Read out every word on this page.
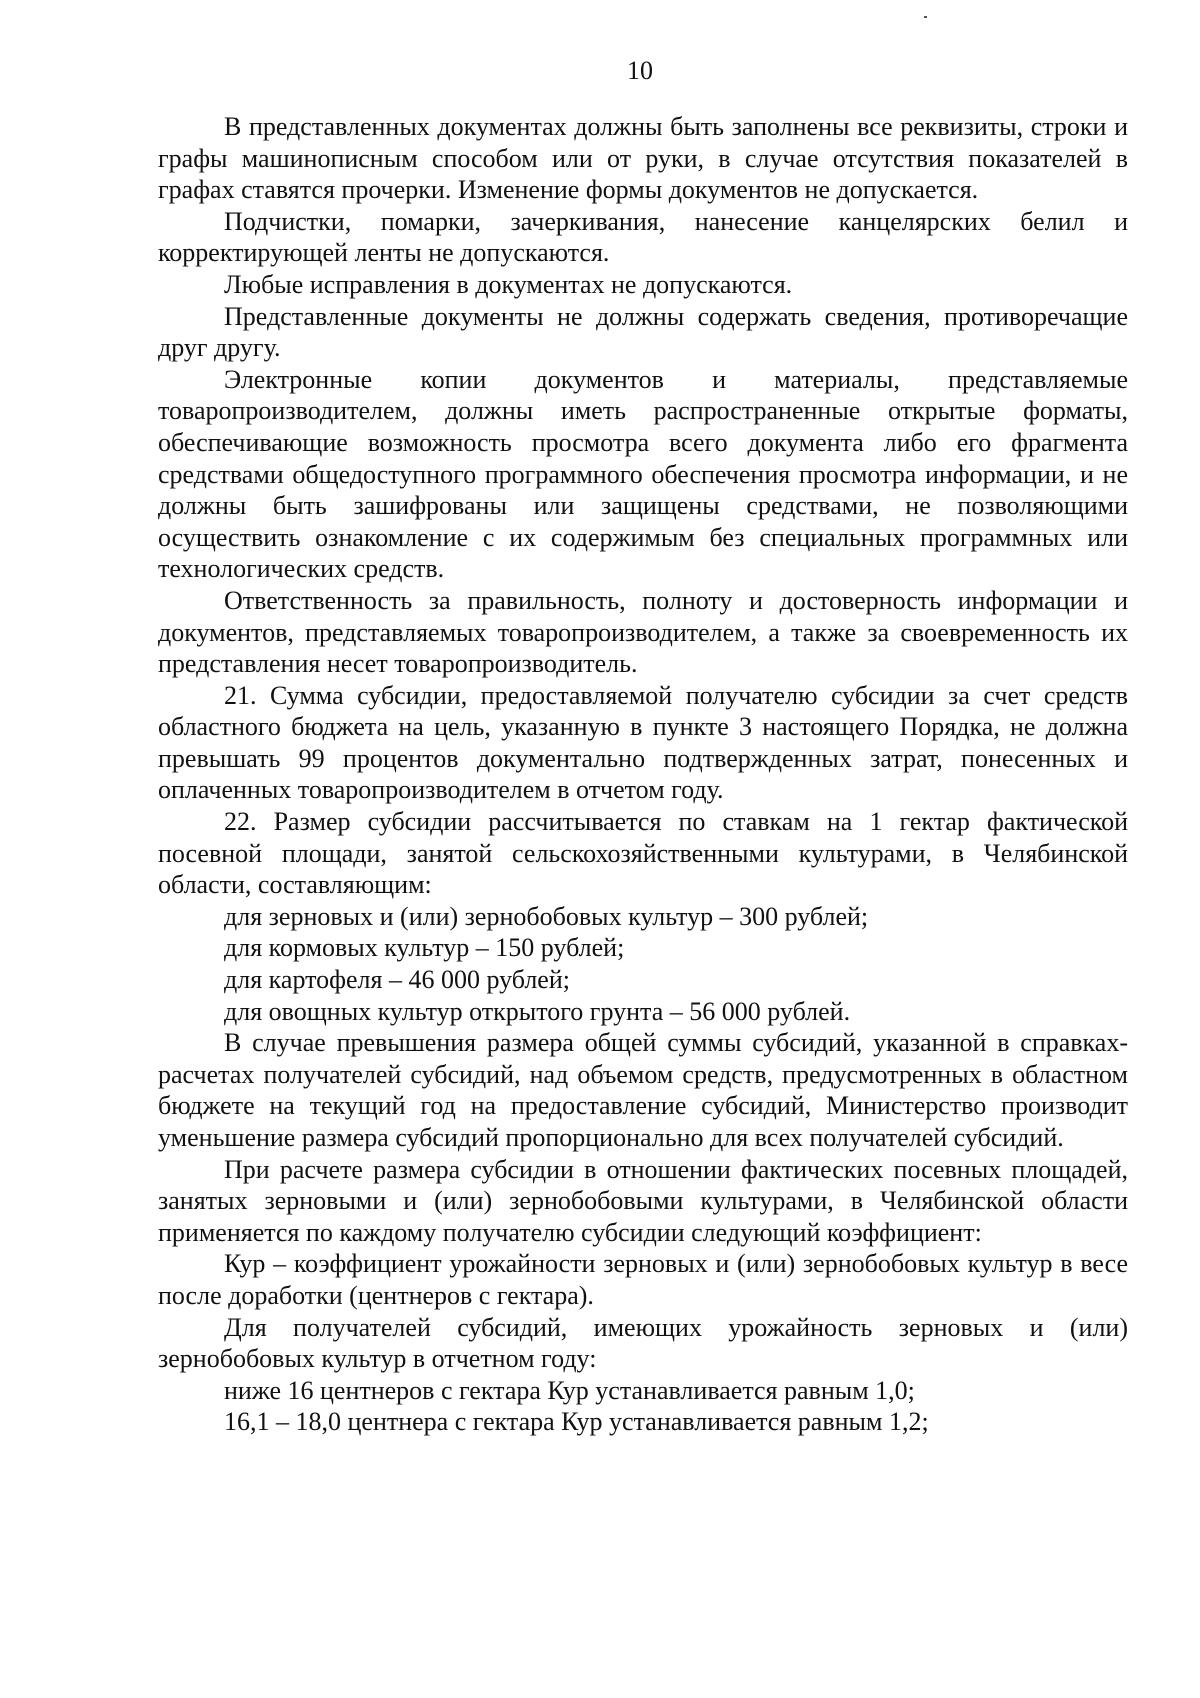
10

В представленных документах должны быть заполнены все реквизиты, строки и графы машинописным способом или от руки, в случае отсутствия показателей в графах ставятся прочерки. Изменение формы документов не допускается.

Подчистки, помарки, зачеркивания, нанесение канцелярских белил и корректирующей ленты не допускаются.

Любые исправления в документах не допускаются.

Представленные документы не должны содержать сведения, противоречащие друг другу.

Электронные копии документов и материалы, представляемые товаропроизводителем, должны иметь распространенные открытые форматы, обеспечивающие возможность просмотра всего документа либо его фрагмента средствами общедоступного программного обеспечения просмотра информации, и не должны быть зашифрованы или защищены средствами, не позволяющими осуществить ознакомление с их содержимым без специальных программных или технологических средств.

Ответственность за правильность, полноту и достоверность информации и документов, представляемых товаропроизводителем, а также за своевременность их представления несет товаропроизводитель.

21. Сумма субсидии, предоставляемой получателю субсидии за счет средств областного бюджета на цель, указанную в пункте 3 настоящего Порядка, не должна превышать 99 процентов документально подтвержденных затрат, понесенных и оплаченных товаропроизводителем в отчетом году.

22. Размер субсидии рассчитывается по ставкам на 1 гектар фактической посевной площади, занятой сельскохозяйственными культурами, в Челябинской области, составляющим:

для зерновых и (или) зернобобовых культур – 300 рублей;

для кормовых культур – 150 рублей;

для картофеля – 46 000 рублей;

для овощных культур открытого грунта – 56 000 рублей.

В случае превышения размера общей суммы субсидий, указанной в справках-расчетах получателей субсидий, над объемом средств, предусмотренных в областном бюджете на текущий год на предоставление субсидий, Министерство производит уменьшение размера субсидий пропорционально для всех получателей субсидий.

При расчете размера субсидии в отношении фактических посевных площадей, занятых зерновыми и (или) зернобобовыми культурами, в Челябинской области применяется по каждому получателю субсидии следующий коэффициент:

Кур – коэффициент урожайности зерновых и (или) зернобобовых культур в весе после доработки (центнеров с гектара).

Для получателей субсидий, имеющих урожайность зерновых и (или) зернобобовых культур в отчетном году:

ниже 16 центнеров с гектара Кур устанавливается равным 1,0;

16,1 – 18,0 центнера с гектара Кур устанавливается равным 1,2;
